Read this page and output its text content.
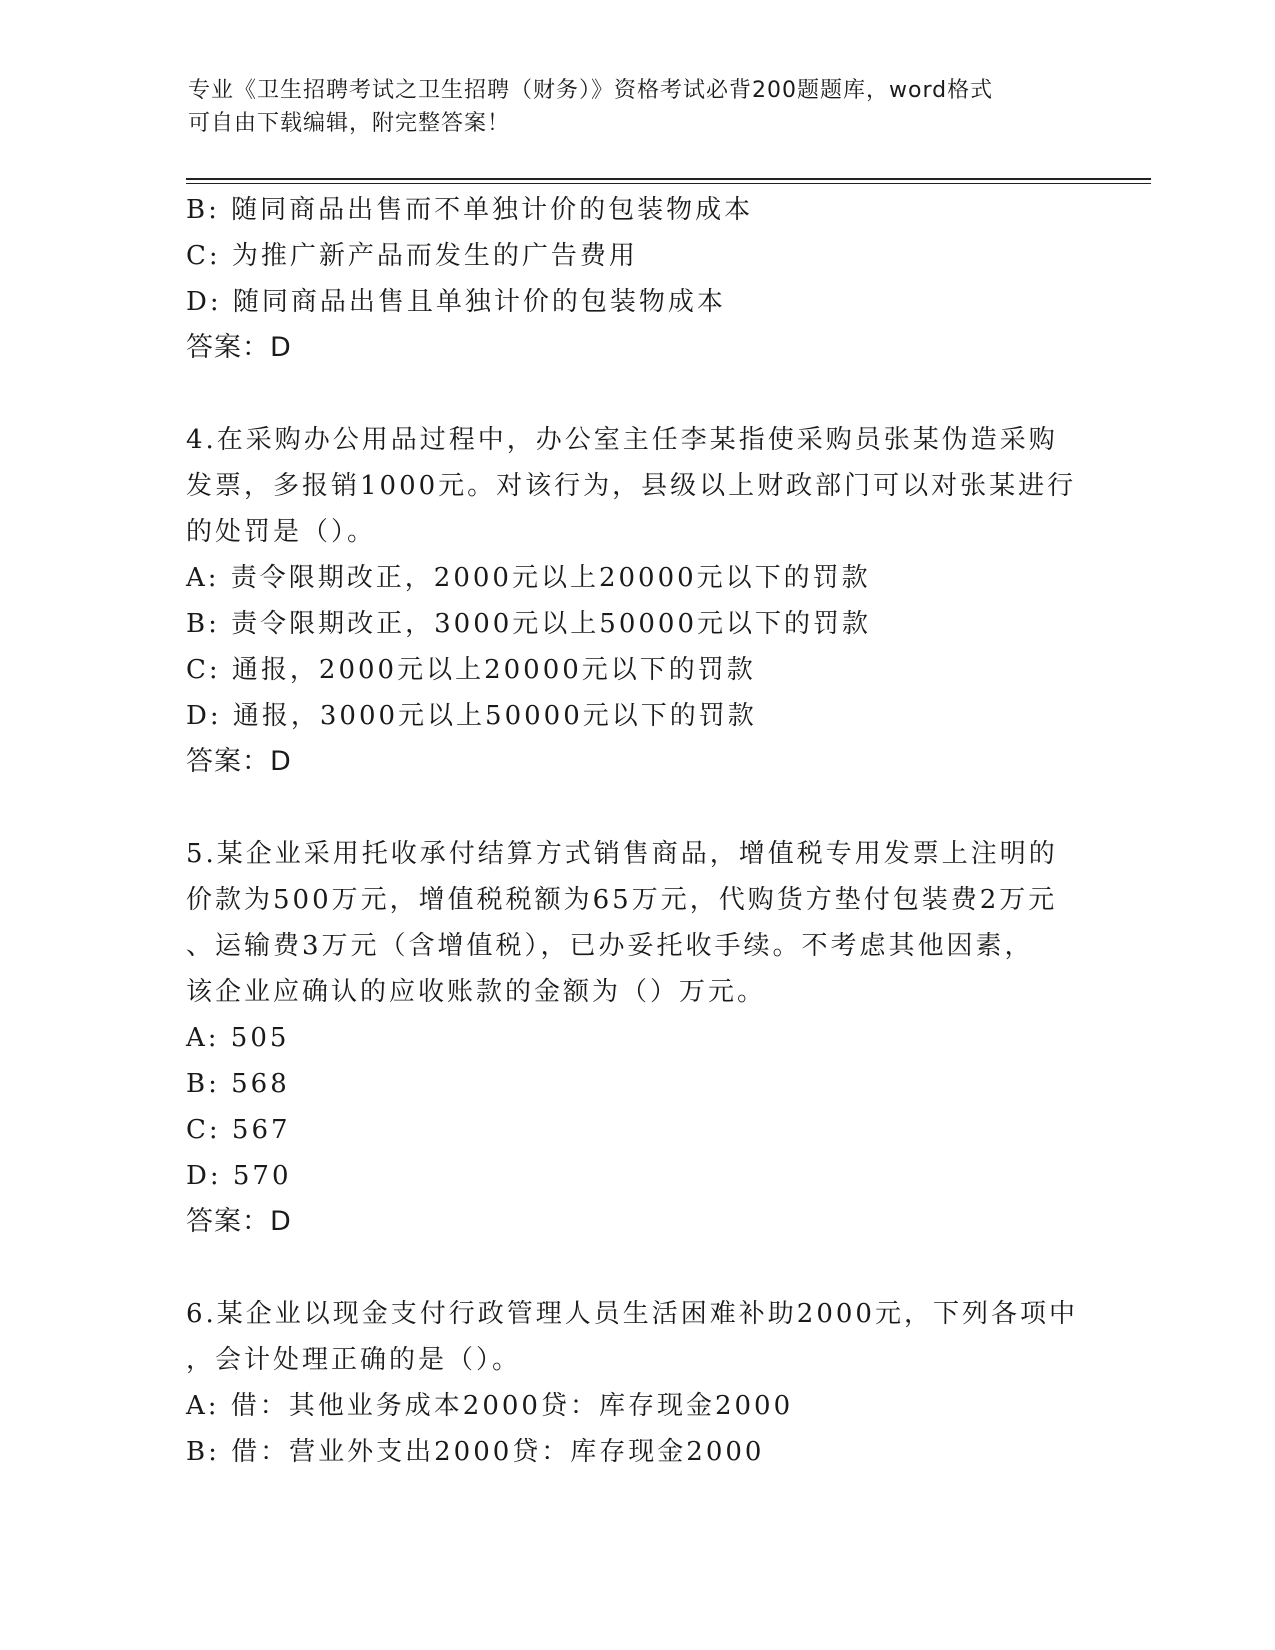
专业《卫生招聘考试之卫生招聘（财务）》资格考试必背200题题库，word格式
可自由下载编辑，附完整答案！
B: 随同商品出售而不单独计价的包装物成本
C: 为推广新产品而发生的广告费用
D: 随同商品出售且单独计价的包装物成本
答案：D
4.在采购办公用品过程中，办公室主任李某指使采购员张某伪造采购
发票，多报销1000元。对该行为，县级以上财政部门可以对张某进行
的处罚是（）。
A: 责令限期改正，2000元以上20000元以下的罚款
B: 责令限期改正，3000元以上50000元以下的罚款
C: 通报，2000元以上20000元以下的罚款
D: 通报，3000元以上50000元以下的罚款
答案：D
5.某企业采用托收承付结算方式销售商品，增值税专用发票上注明的
价款为500万元，增值税税额为65万元，代购货方垫付包装费2万元
、运输费3万元（含增值税），已办妥托收手续。不考虑其他因素，
该企业应确认的应收账款的金额为（）万元。
A: 505
B: 568
C: 567
D: 570
答案：D
6.某企业以现金支付行政管理人员生活困难补助2000元，下列各项中
，会计处理正确的是（）。
A: 借：其他业务成本2000贷：库存现金2000
B: 借：营业外支出2000贷：库存现金2000
